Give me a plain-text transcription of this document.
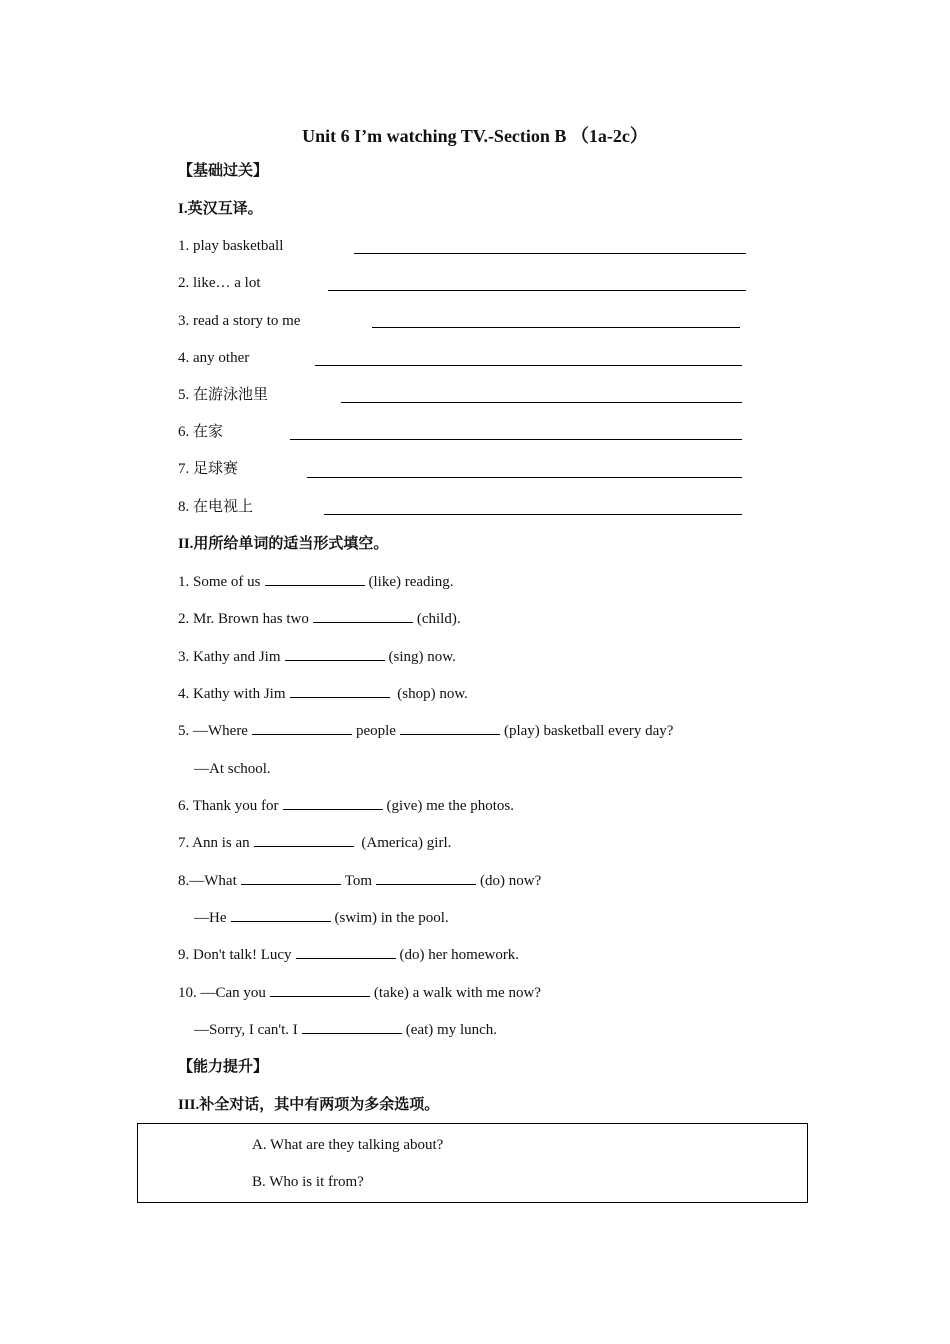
Unit 6 I’m watching TV.-Section B （1a-2c）
【基础过关】
I.英汉互译。
1. play basketball
2. like… a lot
3. read a story to me
4. any other
5. 在游泳池里
6. 在家
7. 足球赛
8. 在电视上
II.用所给单词的适当形式填空。
1. Some of us	(like) reading.
2. Mr. Brown has two	(child).
3. Kathy and Jim	(sing) now.
4. Kathy with Jim	(shop) now.
5. —Where	people	(play) basketball every day?
—At school.
6. Thank you for	(give) me the photos.
7. Ann is an	(America) girl.
8.—What	Tom	(do) now?
—He	(swim) in the pool.
9. Don't talk! Lucy	(do) her homework.
10. —Can you	(take) a walk with me now?
—Sorry, I can't. I	(eat) my lunch.
【能力提升】
III.补全对话，其中有两项为多余选项。
A. What are they talking about?
B. Who is it from?
